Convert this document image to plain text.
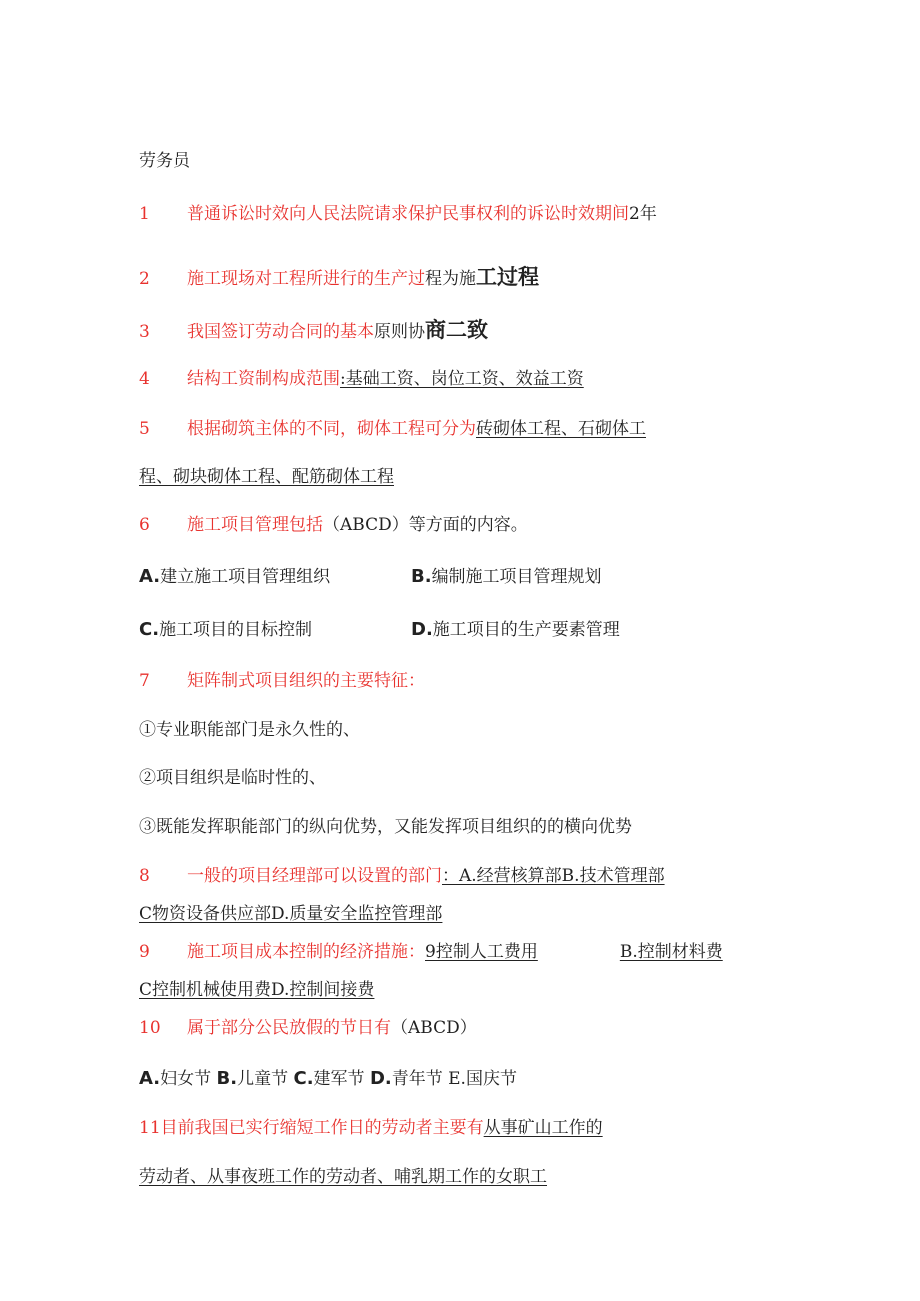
劳务员
1 普通诉讼时效向人民法院请求保护民事权利的诉讼时效期间2年
2 施工现场对工程所进行的生产过程为施工过程
3 我国签订劳动合同的基本原则协商二致
4 结构工资制构成范围:基础工资、岗位工资、效益工资
5 根据砌筑主体的不同，砌体工程可分为砖砌体工程、石砌体工
程、砌块砌体工程、配筋砌体工程
6 施工项目管理包括（ABCD）等方面的内容。
A.建立施工项目管理组织	B.编制施工项目管理规划
C.施工项目的目标控制	D.施工项目的生产要素管理
7 矩阵制式项目组织的主要特征：
①专业职能部门是永久性的、
②项目组织是临时性的、
③既能发挥职能部门的纵向优势，又能发挥项目组织的的横向优势
8 一般的项目经理部可以设置的部门：A.经营核算部B.技术管理部
C物资设备供应部D.质量安全监控管理部
9 施工项目成本控制的经济措施：9控制人工费用	B.控制材料费
C控制机械使用费D.控制间接费
10 属于部分公民放假的节日有（ABCD）
A.妇女节 B.儿童节 C.建军节 D.青年节 E.国庆节
11目前我国已实行缩短工作日的劳动者主要有从事矿山工作的
劳动者、从事夜班工作的劳动者、哺乳期工作的女职工
